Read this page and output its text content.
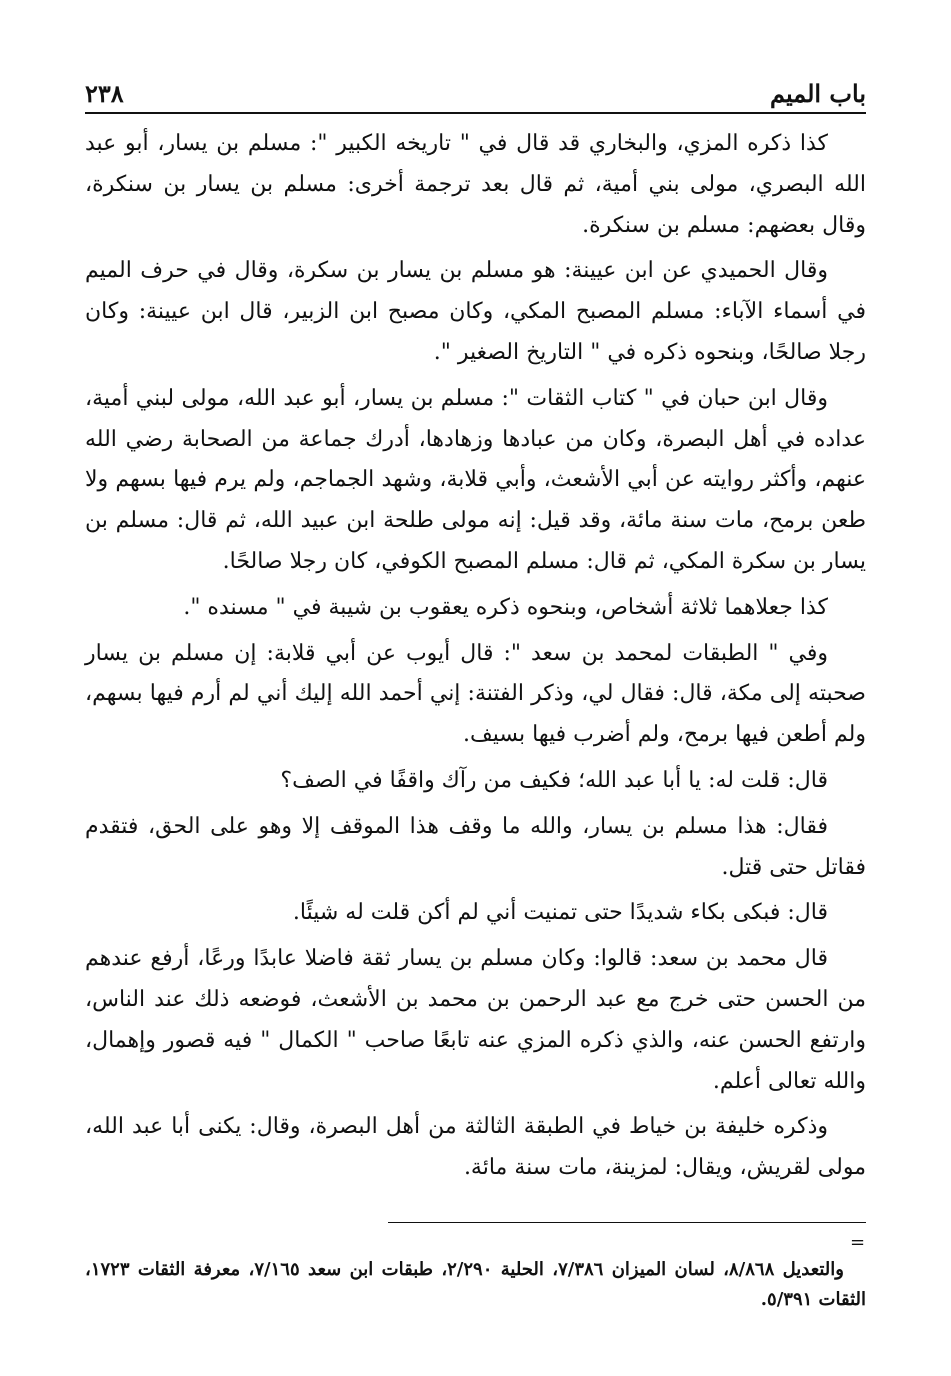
باب الميم
٢٣٨

كذا ذكره المزي، والبخاري قد قال في " تاريخه الكبير ": مسلم بن يسار، أبو عبد الله البصري، مولى بني أمية، ثم قال بعد ترجمة أخرى: مسلم بن يسار بن سنكرة، وقال بعضهم: مسلم بن سنكرة.

وقال الحميدي عن ابن عيينة: هو مسلم بن يسار بن سكرة، وقال في حرف الميم في أسماء الآباء: مسلم المصبح المكي، وكان مصبح ابن الزبير، قال ابن عيينة: وكان رجلا صالحًا، وبنحوه ذكره في " التاريخ الصغير ".

وقال ابن حبان في " كتاب الثقات ": مسلم بن يسار، أبو عبد الله، مولى لبني أمية، عداده في أهل البصرة، وكان من عبادها وزهادها، أدرك جماعة من الصحابة رضي الله عنهم، وأكثر روايته عن أبي الأشعث، وأبي قلابة، وشهد الجماجم، ولم يرم فيها بسهم ولا طعن برمح، مات سنة مائة، وقد قيل: إنه مولى طلحة ابن عبيد الله، ثم قال: مسلم بن يسار بن سكرة المكي، ثم قال: مسلم المصبح الكوفي، كان رجلا صالحًا.

كذا جعلاهما ثلاثة أشخاص، وبنحوه ذكره يعقوب بن شيبة في " مسنده ".

وفي " الطبقات لمحمد بن سعد ": قال أيوب عن أبي قلابة: إن مسلم بن يسار صحبته إلى مكة، قال: فقال لي، وذكر الفتنة: إني أحمد الله إليك أني لم أرم فيها بسهم، ولم أطعن فيها برمح، ولم أضرب فيها بسيف.

قال: قلت له: يا أبا عبد الله؛ فكيف من رآك واقفًا في الصف؟

فقال: هذا مسلم بن يسار، والله ما وقف هذا الموقف إلا وهو على الحق، فتقدم فقاتل حتى قتل.

قال: فبكى بكاء شديدًا حتى تمنيت أني لم أكن قلت له شيئًا.

قال محمد بن سعد: قالوا: وكان مسلم بن يسار ثقة فاضلا عابدًا ورعًا، أرفع عندهم من الحسن حتى خرج مع عبد الرحمن بن محمد بن الأشعث، فوضعه ذلك عند الناس، وارتفع الحسن عنه، والذي ذكره المزي عنه تابعًا صاحب " الكمال " فيه قصور وإهمال، والله تعالى أعلم.

وذكره خليفة بن خياط في الطبقة الثالثة من أهل البصرة، وقال: يكنى أبا عبد الله، مولى لقريش، ويقال: لمزينة، مات سنة مائة.

=

والتعديل ٨/٨٦٨، لسان الميزان ٧/٣٨٦، الحلية ٢/٢٩٠، طبقات ابن سعد ٧/١٦٥، معرفة الثقات ١٧٢٣، الثقات ٥/٣٩١.
